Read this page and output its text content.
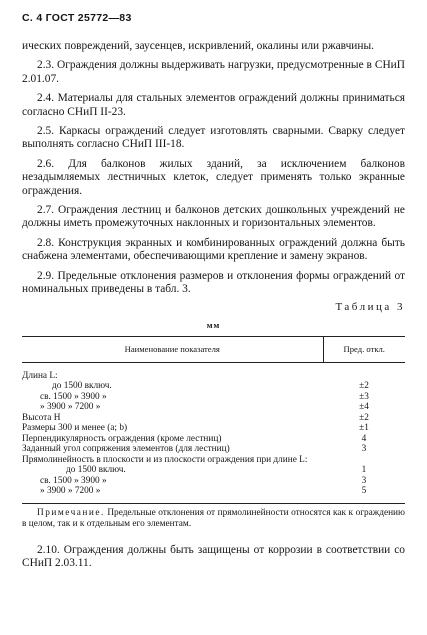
С. 4 ГОСТ 25772—83

ических повреждений, заусенцев, искривлений, окалины или ржавчины.

2.3. Ограждения должны выдерживать нагрузки, предусмотренные в СНиП 2.01.07.

2.4. Материалы для стальных элементов ограждений должны приниматься согласно СНиП II-23.

2.5. Каркасы ограждений следует изготовлять сварными. Сварку следует выполнять согласно СНиП III-18.

2.6. Для балконов жилых зданий, за исключением балконов незадымляемых лестничных клеток, следует применять только экранные ограждения.

2.7. Ограждения лестниц и балконов детских дошкольных учреждений не должны иметь промежуточных наклонных и горизонтальных элементов.

2.8. Конструкция экранных и комбинированных ограждений должна быть снабжена элементами, обеспечивающими крепление и замену экранов.

2.9. Предельные отклонения размеров и отклонения формы ограждений от номинальных приведены в табл. 3.

Таблица 3
мм
Наименование показателя	Пред. откл.
Длина L:	
до 1500 включ.	±2
св. 1500 » 3900 »	±3
» 3900 » 7200 »	±4
Высота H	±2
Размеры 300 и менее (a; b)	±1
Перпендикулярность ограждения (кроме лестниц)	4
Заданный угол сопряжения элементов (для лестниц)	3
Прямолинейность в плоскости и из плоскости ограждения при длине L:	
до 1500 включ.	1
св. 1500 » 3900 »	3
» 3900 » 7200 »	5

Примечание. Предельные отклонения от прямолинейности относятся как к ограждению в целом, так и к отдельным его элементам.

2.10. Ограждения должны быть защищены от коррозии в соответствии со СНиП 2.03.11.
